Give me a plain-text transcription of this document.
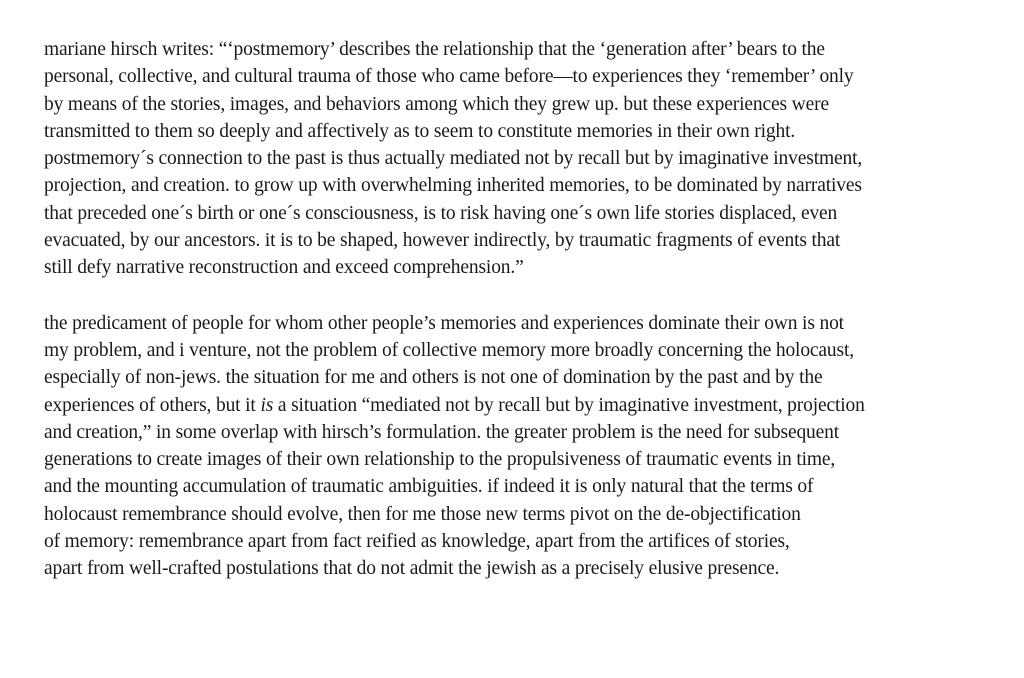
mariane hirsch writes: “‘postmemory’ describes the relationship that the ‘generation after’ bears to the
personal, collective, and cultural trauma of those who came before––to experiences they ‘remember’ only
by means of the stories, images, and behaviors among which they grew up. but these experiences were
transmitted to them so deeply and affectively as to seem to constitute memories in their own right.
postmemory´s connection to the past is thus actually mediated not by recall but by imaginative investment,
projection, and creation. to grow up with overwhelming inherited memories, to be dominated by narratives
that preceded one´s birth or one´s consciousness, is to risk having one´s own life stories displaced, even
evacuated, by our ancestors. it is to be shaped, however indirectly, by traumatic fragments of events that
still defy narrative reconstruction and exceed comprehension.”

the predicament of people for whom other people’s memories and experiences dominate their own is not
my problem, and i venture, not the problem of collective memory more broadly concerning the holocaust,
especially of non-jews. the situation for me and others is not one of domination by the past and by the
experiences of others, but it is a situation “mediated not by recall but by imaginative investment, projection
and creation,” in some overlap with hirsch’s formulation. the greater problem is the need for subsequent
generations to create images of their own relationship to the propulsiveness of traumatic events in time,
and the mounting accumulation of traumatic ambiguities. if indeed it is only natural that the terms of
holocaust remembrance should evolve, then for me those new terms pivot on the de-objectification
of memory: remembrance apart from fact reified as knowledge, apart from the artifices of stories,
apart from well-crafted postulations that do not admit the jewish as a precisely elusive presence.
